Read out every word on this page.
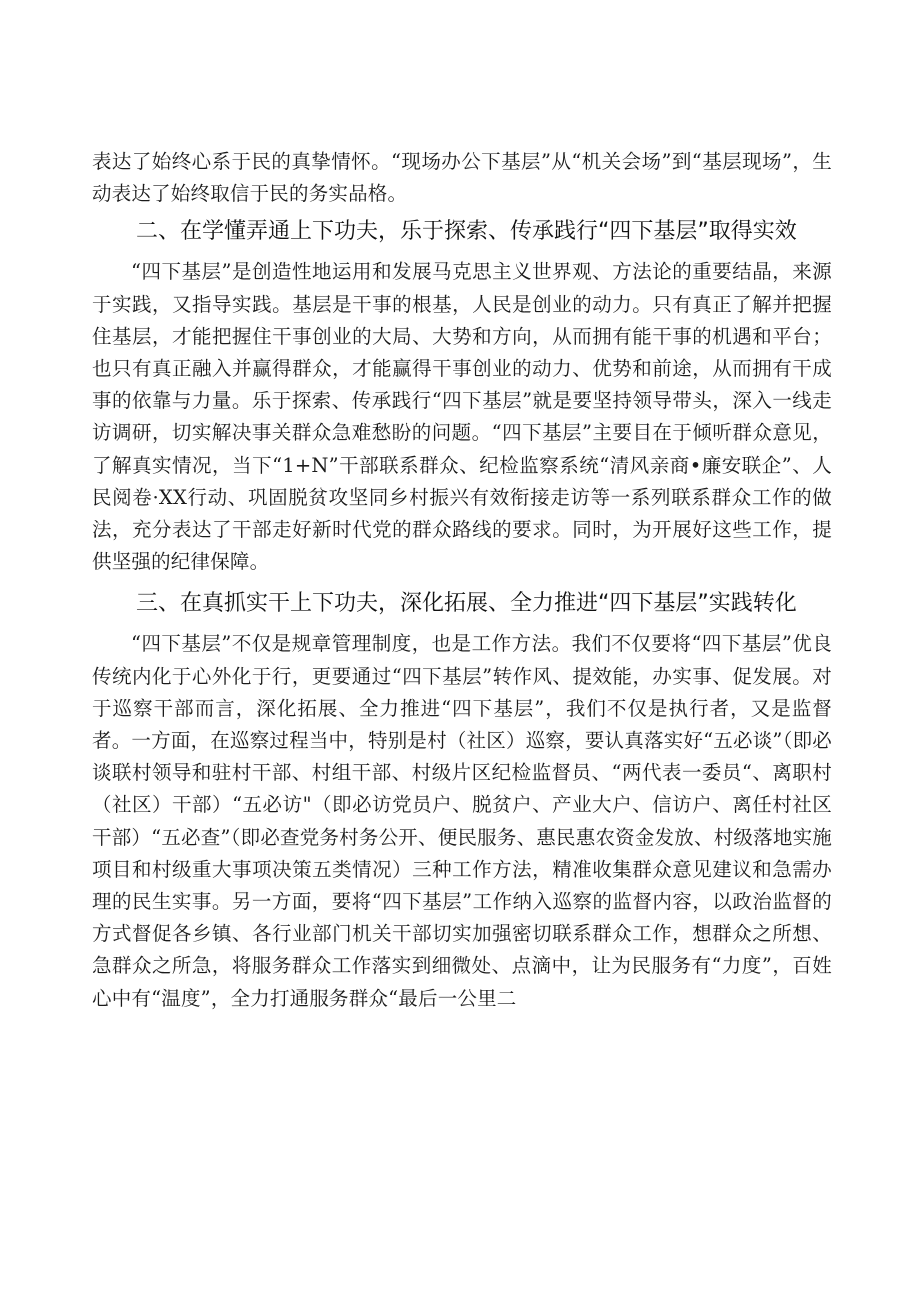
表达了始终心系于民的真挚情怀。“现场办公下基层”从“机关会场”到“基层现场”，生动表达了始终取信于民的务实品格。

二、在学懂弄通上下功夫，乐于探索、传承践行“四下基层”取得实效

“四下基层”是创造性地运用和发展马克思主义世界观、方法论的重要结晶，来源于实践，又指导实践。基层是干事的根基，人民是创业的动力。只有真正了解并把握住基层，才能把握住干事创业的大局、大势和方向，从而拥有能干事的机遇和平台；也只有真正融入并赢得群众，才能赢得干事创业的动力、优势和前途，从而拥有干成事的依靠与力量。乐于探索、传承践行“四下基层”就是要坚持领导带头，深入一线走访调研，切实解决事关群众急难愁盼的问题。“四下基层”主要目在于倾听群众意见，了解真实情况，当下“1+N”干部联系群众、纪检监察系统“清风亲商•廉安联企”、人民阅卷·XX行动、巩固脱贫攻坚同乡村振兴有效衔接走访等一系列联系群众工作的做法，充分表达了干部走好新时代党的群众路线的要求。同时，为开展好这些工作，提供坚强的纪律保障。

三、在真抓实干上下功夫，深化拓展、全力推进“四下基层”实践转化

“四下基层”不仅是规章管理制度，也是工作方法。我们不仅要将“四下基层”优良传统内化于心外化于行，更要通过“四下基层”转作风、提效能，办实事、促发展。对于巡察干部而言，深化拓展、全力推进“四下基层”，我们不仅是执行者，又是监督者。一方面，在巡察过程当中，特别是村（社区）巡察，要认真落实好“五必谈”（即必谈联村领导和驻村干部、村组干部、村级片区纪检监督员、“两代表一委员“、离职村（社区）干部）“五必访"（即必访党员户、脱贫户、产业大户、信访户、离任村社区干部）“五必查”（即必查党务村务公开、便民服务、惠民惠农资金发放、村级落地实施项目和村级重大事项决策五类情况）三种工作方法，精准收集群众意见建议和急需办理的民生实事。另一方面，要将“四下基层”工作纳入巡察的监督内容，以政治监督的方式督促各乡镇、各行业部门机关干部切实加强密切联系群众工作，想群众之所想、急群众之所急，将服务群众工作落实到细微处、点滴中，让为民服务有“力度”，百姓心中有“温度”，全力打通服务群众“最后一公里二
